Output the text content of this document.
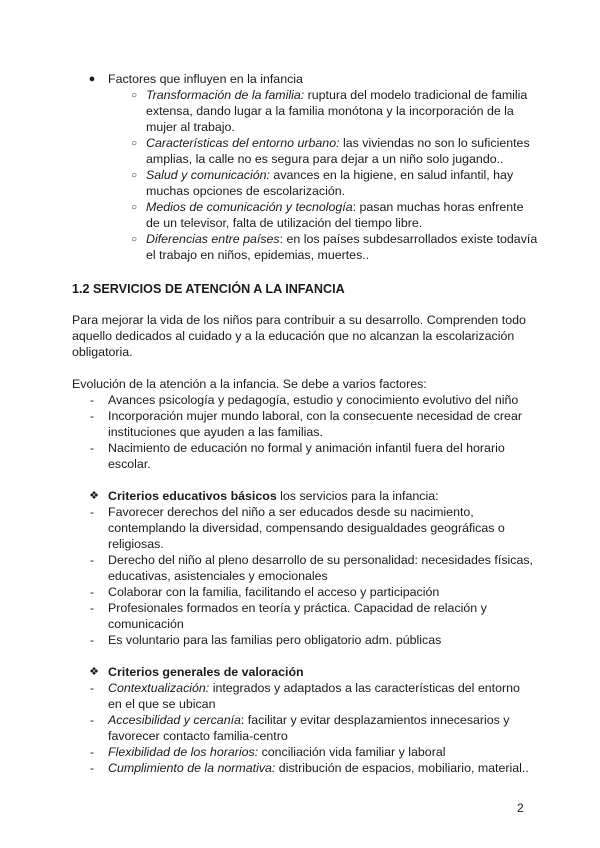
● Factores que influyen en la infancia
○ Transformación de la familia: ruptura del modelo tradicional de familia
extensa, dando lugar a la familia monótona y la incorporación de la
mujer al trabajo.
○ Características del entorno urbano: las viviendas no son lo suficientes
amplias, la calle no es segura para dejar a un niño solo jugando..
○ Salud y comunicación: avances en la higiene, en salud infantil, hay
muchas opciones de escolarización.
○ Medios de comunicación y tecnología: pasan muchas horas enfrente
de un televisor, falta de utilización del tiempo libre.
○ Diferencias entre países: en los países subdesarrollados existe todavía
el trabajo en niños, epidemias, muertes..
1.2 SERVICIOS DE ATENCIÓN A LA INFANCIA
Para mejorar la vida de los niños para contribuir a su desarrollo. Comprenden todo
aquello dedicados al cuidado y a la educación que no alcanzan la escolarización
obligatoria.
Evolución de la atención a la infancia. Se debe a varios factores:
-	Avances psicología y pedagogía, estudio y conocimiento evolutivo del niño
-	Incorporación mujer mundo laboral, con la consecuente necesidad de crear
instituciones que ayuden a las familias.
-	Nacimiento de educación no formal y animación infantil fuera del horario
escolar.
❖ Criterios educativos básicos los servicios para la infancia:
-	Favorecer derechos del niño a ser educados desde su nacimiento,
contemplando la diversidad, compensando desigualdades geográficas o
religiosas.
-	Derecho del niño al pleno desarrollo de su personalidad: necesidades físicas,
educativas, asistenciales y emocionales
-	Colaborar con la familia, facilitando el acceso y participación
-	Profesionales formados en teoría y práctica. Capacidad de relación y
comunicación
-	Es voluntario para las familias pero obligatorio adm. públicas
❖ Criterios generales de valoración
-	Contextualización: integrados y adaptados a las características del entorno
en el que se ubican
-	Accesibilidad y cercanía: facilitar y evitar desplazamientos innecesarios y
favorecer contacto familia-centro
-	Flexibilidad de los horarios: conciliación vida familiar y laboral
-	Cumplimiento de la normativa: distribución de espacios, mobiliario, material..
2
